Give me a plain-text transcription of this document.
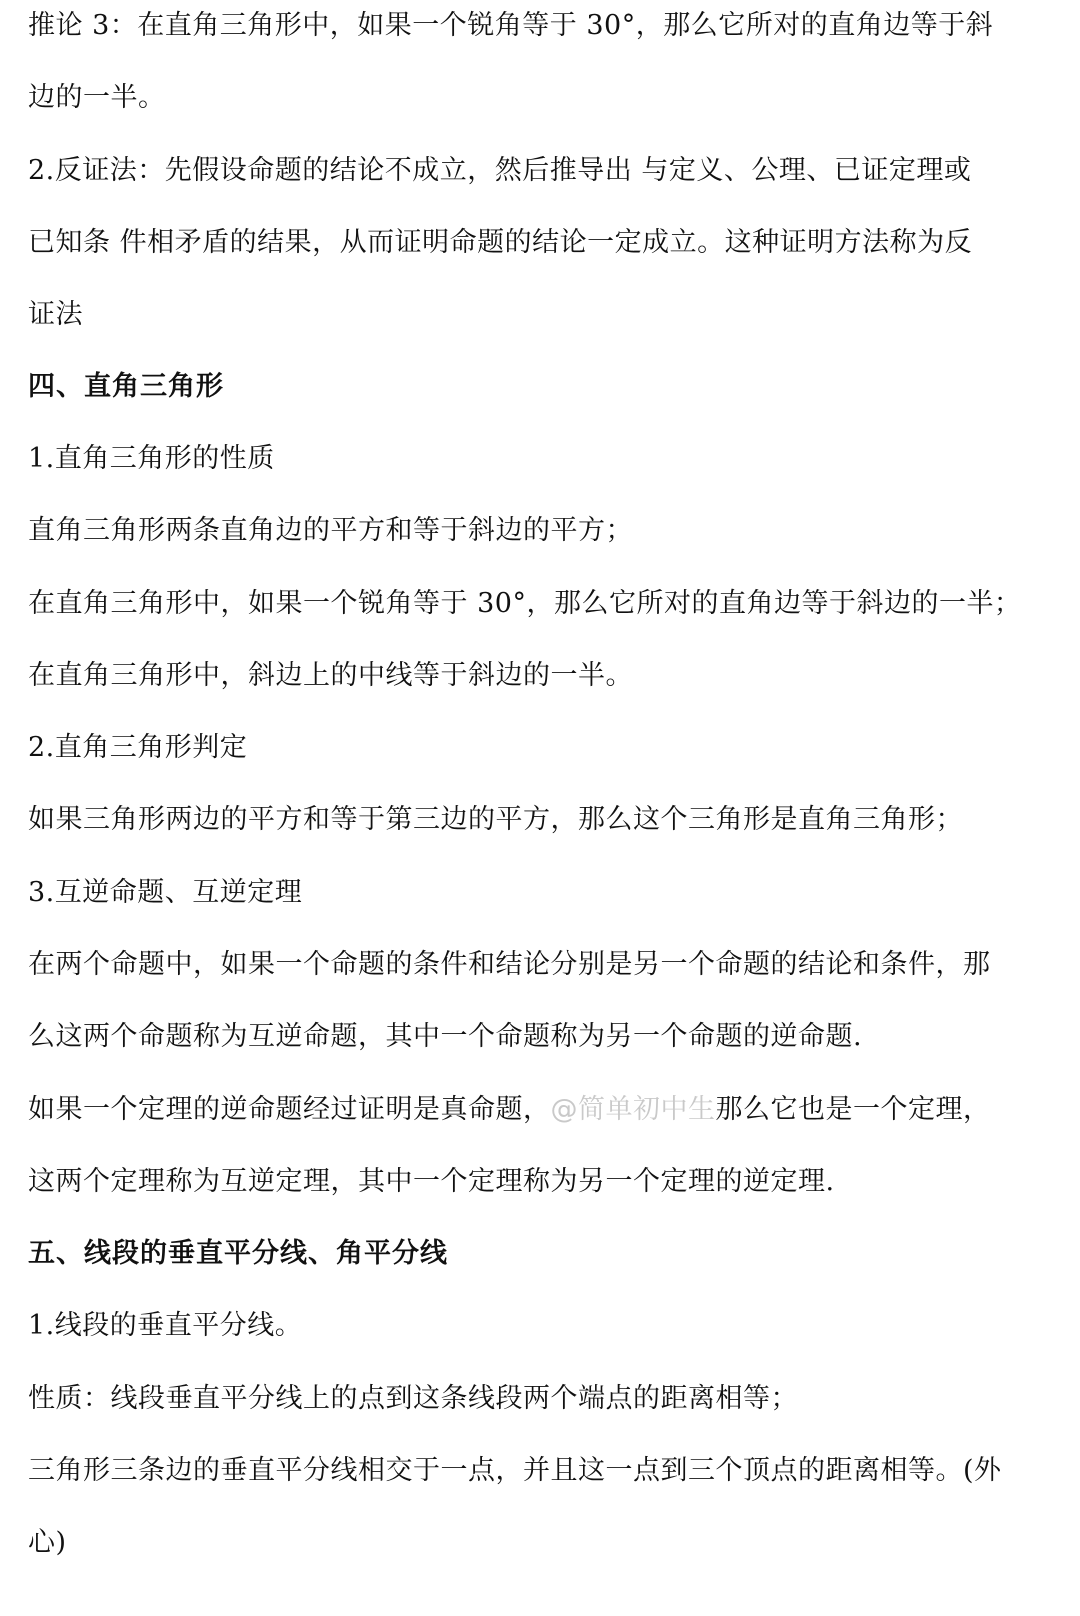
推论 3：在直角三角形中，如果一个锐角等于 30°，那么它所对的直角边等于斜
边的一半。
2.反证法：先假设命题的结论不成立，然后推导出 与定义、公理、已证定理或
已知条 件相矛盾的结果，从而证明命题的结论一定成立。这种证明方法称为反
证法
四、直角三角形
1.直角三角形的性质
直角三角形两条直角边的平方和等于斜边的平方；
在直角三角形中，如果一个锐角等于 30°，那么它所对的直角边等于斜边的一半；
在直角三角形中，斜边上的中线等于斜边的一半。
2.直角三角形判定
如果三角形两边的平方和等于第三边的平方，那么这个三角形是直角三角形；
3.互逆命题、互逆定理
在两个命题中，如果一个命题的条件和结论分别是另一个命题的结论和条件，那
么这两个命题称为互逆命题，其中一个命题称为另一个命题的逆命题.
如果一个定理的逆命题经过证明是真命题，@简单初中生那么它也是一个定理，
这两个定理称为互逆定理，其中一个定理称为另一个定理的逆定理.
五、线段的垂直平分线、角平分线
1.线段的垂直平分线。
性质：线段垂直平分线上的点到这条线段两个端点的距离相等；
三角形三条边的垂直平分线相交于一点，并且这一点到三个顶点的距离相等。(外
心)
